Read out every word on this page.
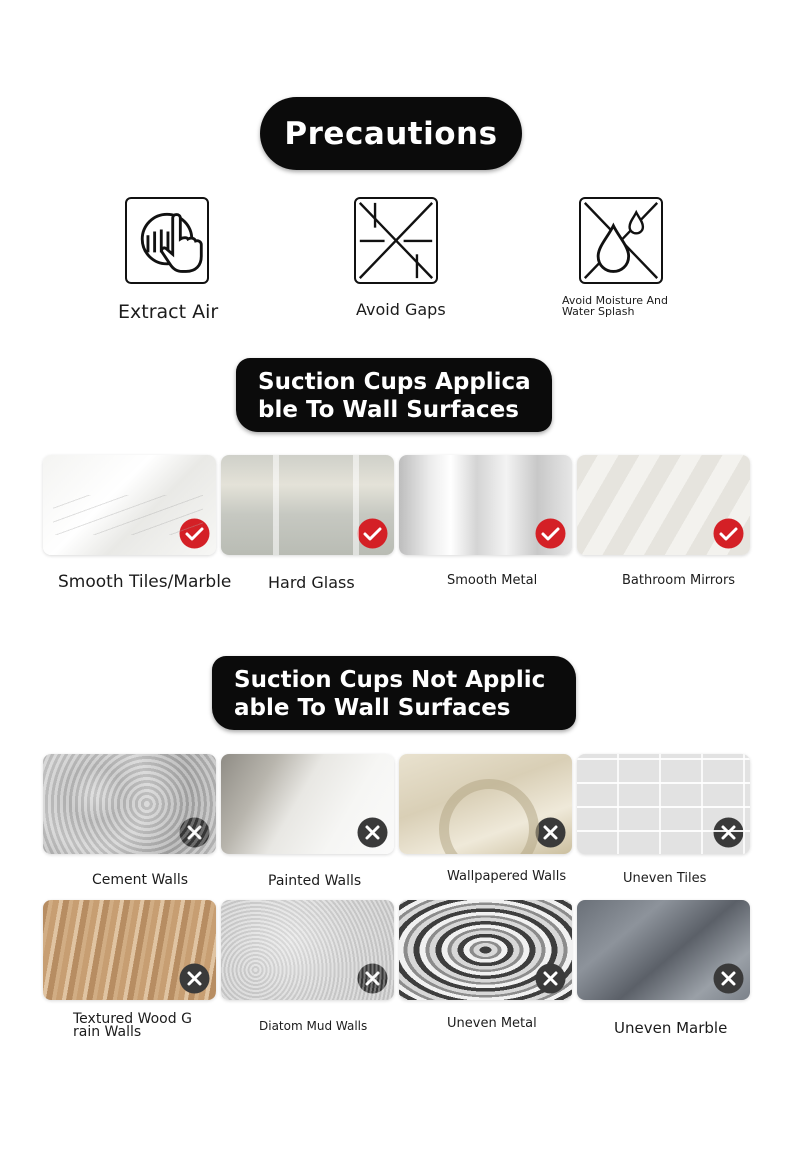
Precautions
Extract Air	Avoid Gaps	Avoid Moisture And
Water Splash
Suction Cups Applica
ble To Wall Surfaces
Smooth Tiles/Marble Hard Glass	Smooth Metal	Bathroom Mirrors
Suction Cups Not Applic
able To Wall Surfaces
Cement Walls	Painted Walls	Wallpapered Walls	Uneven Tiles
Textured Wood G
rain Walls	Diatom Mud Walls	Uneven Metal	Uneven Marble
